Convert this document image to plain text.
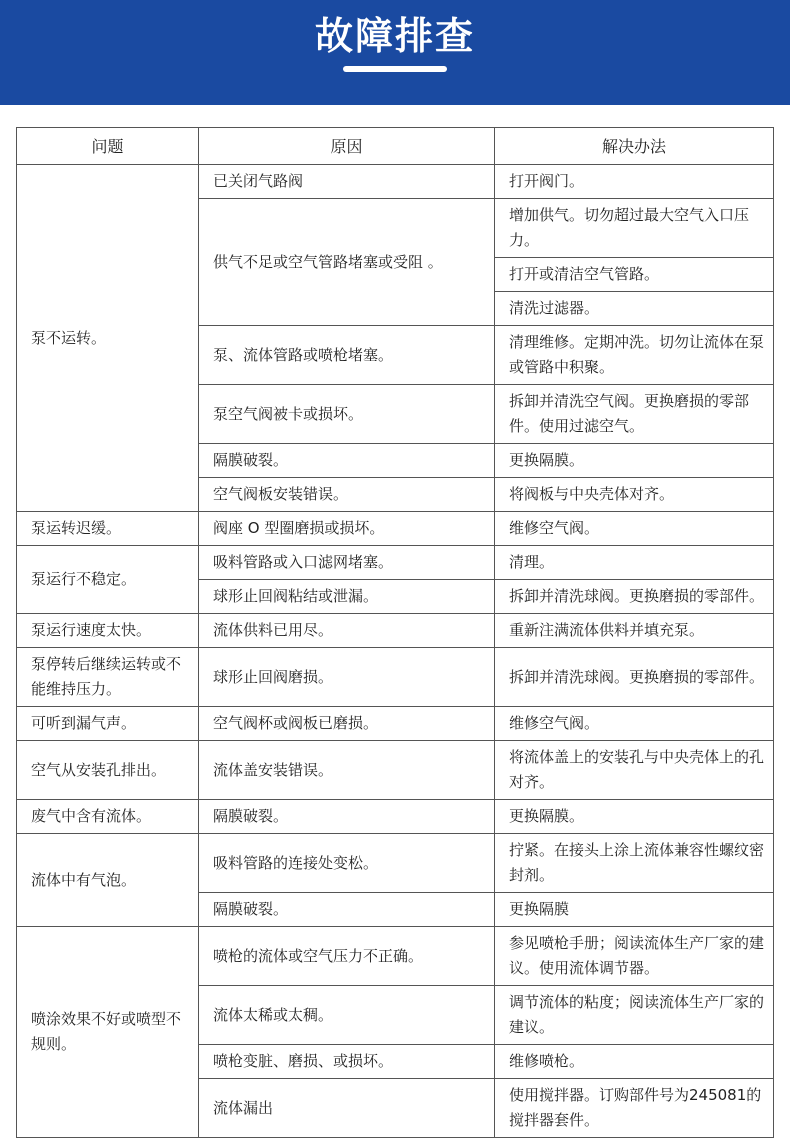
故障排查
问题	原因	解决办法
泵不运转。	已关闭气路阀	打开阀门。
	供气不足或空气管路堵塞或受阻 。	增加供气。切勿超过最大空气入口压力。
		打开或清洁空气管路。
		清洗过滤器。
	泵、流体管路或喷枪堵塞。	清理维修。定期冲洗。切勿让流体在泵或管路中积聚。
	泵空气阀被卡或损坏。	拆卸并清洗空气阀。更换磨损的零部件。使用过滤空气。
	隔膜破裂。	更换隔膜。
	空气阀板安装错误。	将阀板与中央壳体对齐。
泵运转迟缓。	阀座 O 型圈磨损或损坏。	维修空气阀。
泵运行不稳定。	吸料管路或入口滤网堵塞。	清理。
	球形止回阀粘结或泄漏。	拆卸并清洗球阀。更换磨损的零部件。
泵运行速度太快。	流体供料已用尽。	重新注满流体供料并填充泵。
泵停转后继续运转或不能维持压力。	球形止回阀磨损。	拆卸并清洗球阀。更换磨损的零部件。
可听到漏气声。	空气阀杯或阀板已磨损。	维修空气阀。
空气从安装孔排出。	流体盖安装错误。	将流体盖上的安装孔与中央壳体上的孔对齐。
废气中含有流体。	隔膜破裂。	更换隔膜。
流体中有气泡。	吸料管路的连接处变松。	拧紧。在接头上涂上流体兼容性螺纹密封剂。
	隔膜破裂。	更换隔膜
喷涂效果不好或喷型不规则。	喷枪的流体或空气压力不正确。	参见喷枪手册；阅读流体生产厂家的建议。使用流体调节器。
	流体太稀或太稠。	调节流体的粘度；阅读流体生产厂家的建议。
	喷枪变脏、磨损、或损坏。	维修喷枪。
	流体漏出	使用搅拌器。订购部件号为245081的搅拌器套件。
